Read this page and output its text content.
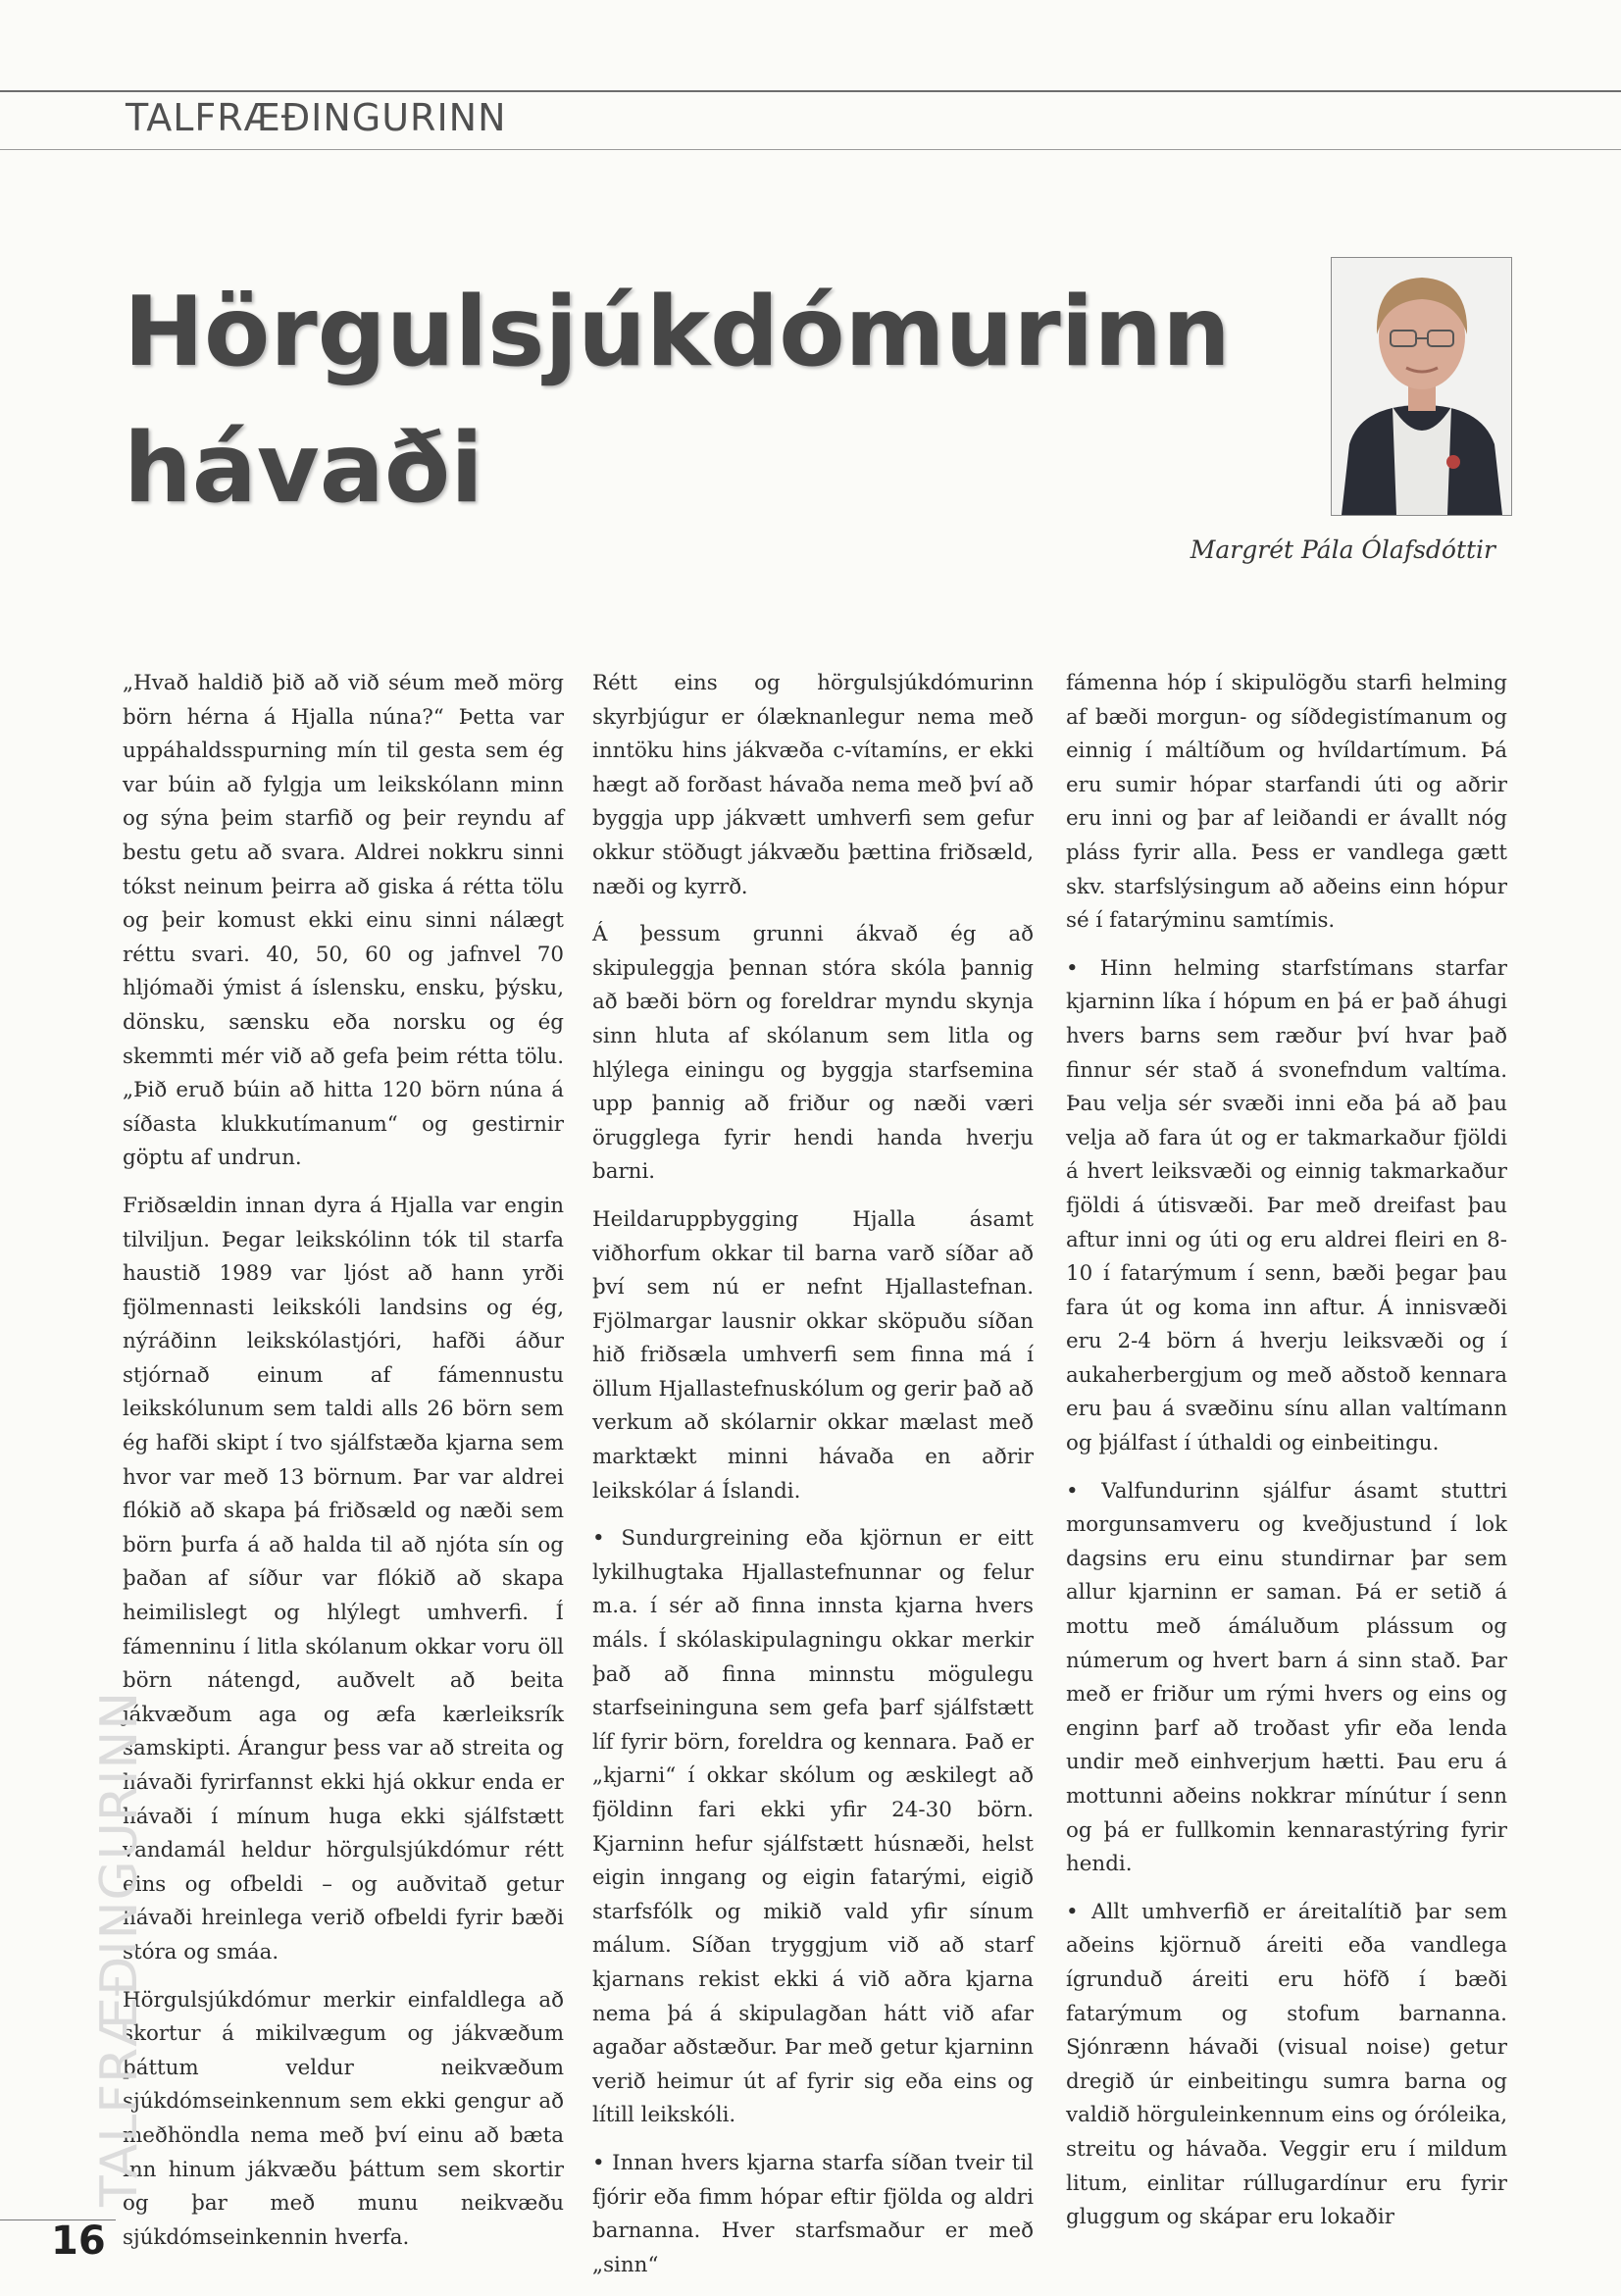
TALFRÆÐINGURINN
Hörgulsjúkdómurinn
hávaði
Margrét Pála Ólafsdóttir

„Hvað haldið þið að við séum með mörg börn hérna á Hjalla núna?“ Þetta var uppáhaldsspurning mín til gesta sem ég var búin að fylgja um leikskólann minn og sýna þeim starfið og þeir reyndu af bestu getu að svara. Aldrei nokkru sinni tókst neinum þeirra að giska á rétta tölu og þeir komust ekki einu sinni nálægt réttu svari. 40, 50, 60 og jafnvel 70 hljómaði ýmist á íslensku, ensku, þýsku, dönsku, sænsku eða norsku og ég skemmti mér við að gefa þeim rétta tölu. „Þið eruð búin að hitta 120 börn núna á síðasta klukkutímanum“ og gestirnir göptu af undrun.

Friðsældin innan dyra á Hjalla var engin tilviljun. Þegar leikskólinn tók til starfa haustið 1989 var ljóst að hann yrði fjölmennasti leikskóli landsins og ég, nýráðinn leikskólastjóri, hafði áður stjórnað einum af fámennustu leikskólunum sem taldi alls 26 börn sem ég hafði skipt í tvo sjálfstæða kjarna sem hvor var með 13 börnum. Þar var aldrei flókið að skapa þá friðsæld og næði sem börn þurfa á að halda til að njóta sín og þaðan af síður var flókið að skapa heimilislegt og hlýlegt umhverfi. Í fámenninu í litla skólanum okkar voru öll börn nátengd, auðvelt að beita jákvæðum aga og æfa kærleiksrík samskipti. Árangur þess var að streita og hávaði fyrirfannst ekki hjá okkur enda er hávaði í mínum huga ekki sjálfstætt vandamál heldur hörgulsjúkdómur rétt eins og ofbeldi – og auðvitað getur hávaði hreinlega verið ofbeldi fyrir bæði stóra og smáa.

Hörgulsjúkdómur merkir einfaldlega að skortur á mikilvægum og jákvæðum þáttum veldur neikvæðum sjúkdómseinkennum sem ekki gengur að meðhöndla nema með því einu að bæta inn hinum jákvæðu þáttum sem skortir og þar með munu neikvæðu sjúkdómseinkennin hverfa.

Rétt eins og hörgulsjúkdómurinn skyrbjúgur er ólæknanlegur nema með inntöku hins jákvæða c-vítamíns, er ekki hægt að forðast hávaða nema með því að byggja upp jákvætt umhverfi sem gefur okkur stöðugt jákvæðu þættina friðsæld, næði og kyrrð.

Á þessum grunni ákvað ég að skipuleggja þennan stóra skóla þannig að bæði börn og foreldrar myndu skynja sinn hluta af skólanum sem litla og hlýlega einingu og byggja starfsemina upp þannig að friður og næði væri örugglega fyrir hendi handa hverju barni.

Heildaruppbygging Hjalla ásamt viðhorfum okkar til barna varð síðar að því sem nú er nefnt Hjallastefnan. Fjölmargar lausnir okkar sköpuðu síðan hið friðsæla umhverfi sem finna má í öllum Hjallastefnuskólum og gerir það að verkum að skólarnir okkar mælast með marktækt minni hávaða en aðrir leikskólar á Íslandi.

• Sundurgreining eða kjörnun er eitt lykilhugtaka Hjallastefnunnar og felur m.a. í sér að finna innsta kjarna hvers máls. Í skólaskipulagningu okkar merkir það að finna minnstu mögulegu starfseininguna sem gefa þarf sjálfstætt líf fyrir börn, foreldra og kennara. Það er „kjarni“ í okkar skólum og æskilegt að fjöldinn fari ekki yfir 24-30 börn. Kjarninn hefur sjálfstætt húsnæði, helst eigin inngang og eigin fatarými, eigið starfsfólk og mikið vald yfir sínum málum. Síðan tryggjum við að starf kjarnans rekist ekki á við aðra kjarna nema þá á skipulagðan hátt við afar agaðar aðstæður. Þar með getur kjarninn verið heimur út af fyrir sig eða eins og lítill leikskóli.

• Innan hvers kjarna starfa síðan tveir til fjórir eða fimm hópar eftir fjölda og aldri barnanna. Hver starfsmaður er með „sinn“

fámenna hóp í skipulögðu starfi helming af bæði morgun- og síðdegistímanum og einnig í máltíðum og hvíldartímum. Þá eru sumir hópar starfandi úti og aðrir eru inni og þar af leiðandi er ávallt nóg pláss fyrir alla. Þess er vandlega gætt skv. starfslýsingum að aðeins einn hópur sé í fatarýminu samtímis.

• Hinn helming starfstímans starfar kjarninn líka í hópum en þá er það áhugi hvers barns sem ræður því hvar það finnur sér stað á svonefndum valtíma. Þau velja sér svæði inni eða þá að þau velja að fara út og er takmarkaður fjöldi á hvert leiksvæði og einnig takmarkaður fjöldi á útisvæði. Þar með dreifast þau aftur inni og úti og eru aldrei fleiri en 8-10 í fatarýmum í senn, bæði þegar þau fara út og koma inn aftur. Á innisvæði eru 2-4 börn á hverju leiksvæði og í aukaherbergjum og með aðstoð kennara eru þau á svæðinu sínu allan valtímann og þjálfast í úthaldi og einbeitingu.

• Valfundurinn sjálfur ásamt stuttri morgunsamveru og kveðjustund í lok dagsins eru einu stundirnar þar sem allur kjarninn er saman. Þá er setið á mottu með ámáluðum plássum og númerum og hvert barn á sinn stað. Þar með er friður um rými hvers og eins og enginn þarf að troðast yfir eða lenda undir með einhverjum hætti. Þau eru á mottunni aðeins nokkrar mínútur í senn og þá er fullkomin kennarastýring fyrir hendi.

• Allt umhverfið er áreitalítið þar sem aðeins kjörnuð áreiti eða vandlega ígrunduð áreiti eru höfð í bæði fatarýmum og stofum barnanna. Sjónrænn hávaði (visual noise) getur dregið úr einbeitingu sumra barna og valdið hörguleinkennum eins og óróleika, streitu og hávaða. Veggir eru í mildum litum, einlitar rúllugardínur eru fyrir gluggum og skápar eru lokaðir

TALFRÆÐINGURINN
16
